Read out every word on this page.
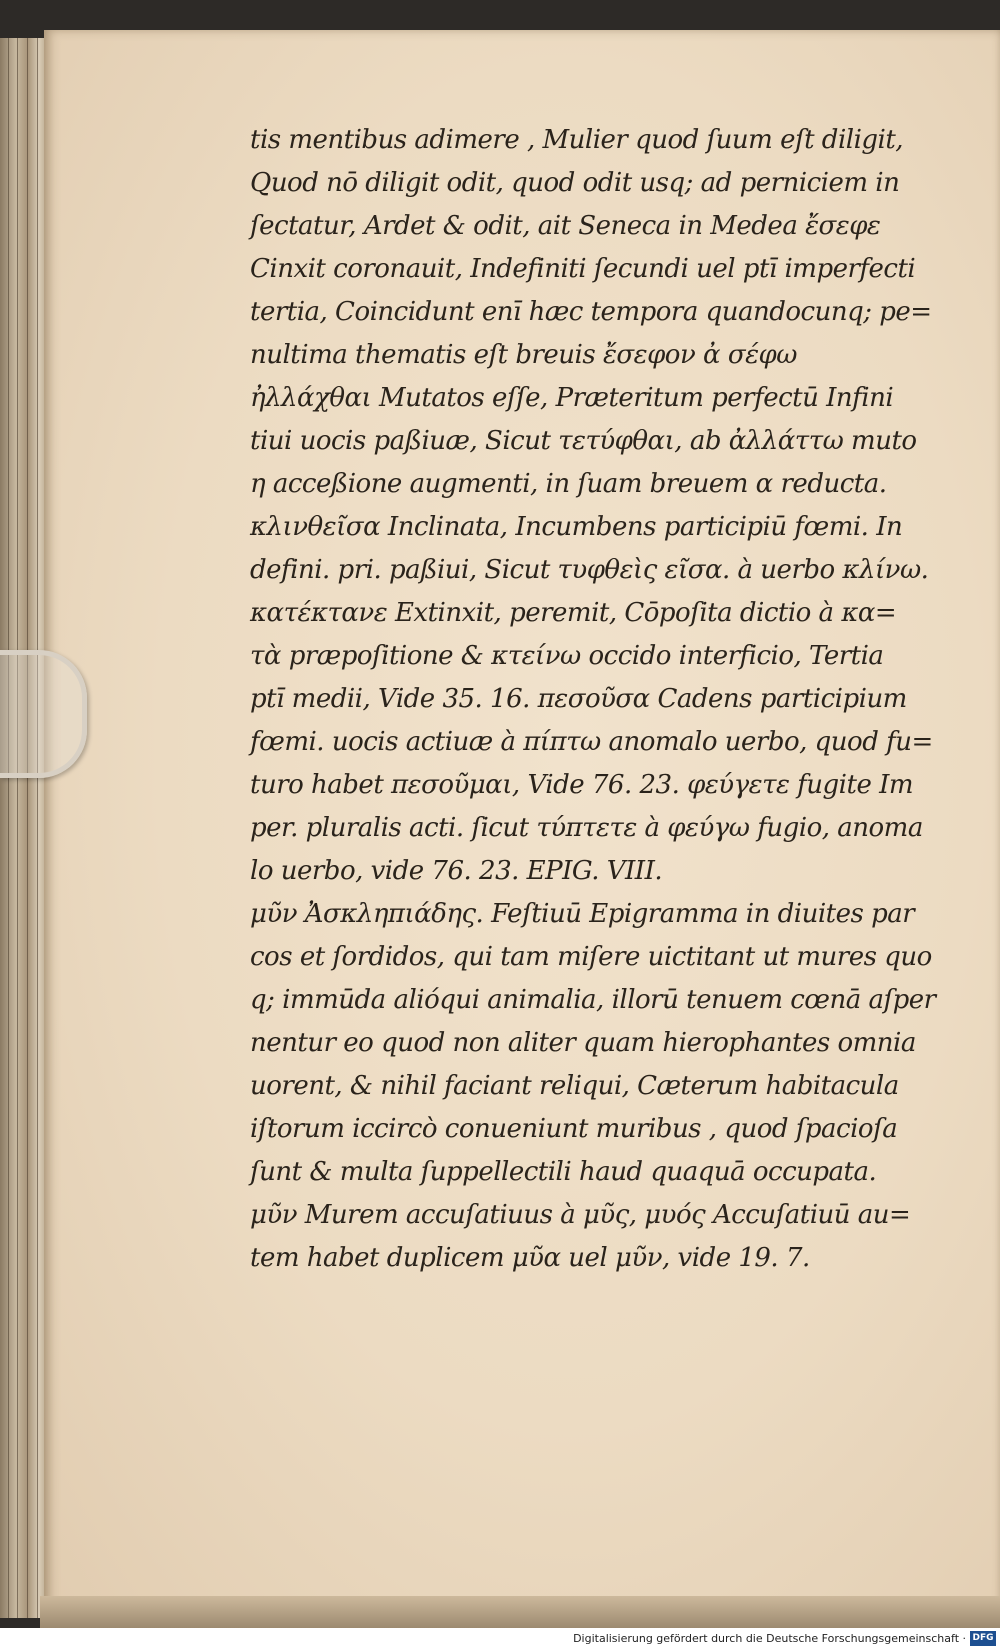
tis mentibus adimere , Mulier quod ſuum eſt diligit,
Quod nō diligit odit, quod odit usq; ad perniciem in
ſectatur, Ardet & odit, ait Seneca in Medea ἔσεφε
Cinxit coronauit, Indefiniti ſecundi uel ptī imperfecti
tertia, Coincidunt enī hæc tempora quandocunq; pe=
nultima thematis eſt breuis ἔσεφον ἀ σέφω
ἠλλάχθαι Mutatos eſſe, Præteritum perfectū Infini
tiui uocis paßiuæ, Sicut τετύφθαι, ab ἀλλάττω muto
η acceßione augmenti, in ſuam breuem α reducta.
κλινθεῖσα Inclinata, Incumbens participiū fœmi. In
defini. pri. paßiui, Sicut τυφθεὶς εῖσα. à uerbo κλίνω.
κατέκτανε Extinxit, peremit, Cōpoſita dictio à κα=
τὰ præpoſitione & κτείνω occido interficio, Tertia
ptī medii, Vide 35. 16. πεσοῦσα Cadens participium
fœmi. uocis actiuæ à πίπτω anomalo uerbo, quod fu=
turo habet πεσοῦμαι, Vide 76. 23. φεύγετε fugite Im
per. pluralis acti. ſicut τύπτετε à φεύγω fugio, anoma
lo uerbo, vide 76. 23. EPIG. VIII.
μῦν Ἀσκληπιάδης. Feſtiuū Epigramma in diuites par
cos et ſordidos, qui tam miſere uictitant ut mures quo
q; immūda alióqui animalia, illorū tenuem cœnā aſper
nentur eo quod non aliter quam hierophantes omnia
uorent, & nihil faciant reliqui, Cæterum habitacula
iſtorum iccircò conueniunt muribus , quod ſpacioſa
ſunt & multa ſuppellectili haud quaquā occupata.
μῦν Murem accuſatiuus à μῦς, μυός Accuſatiuū au=
tem habet duplicem μῦα uel μῦν, vide 19. 7.
Digitalisierung gefördert durch die Deutsche Forschungsgemeinschaft · DFG
